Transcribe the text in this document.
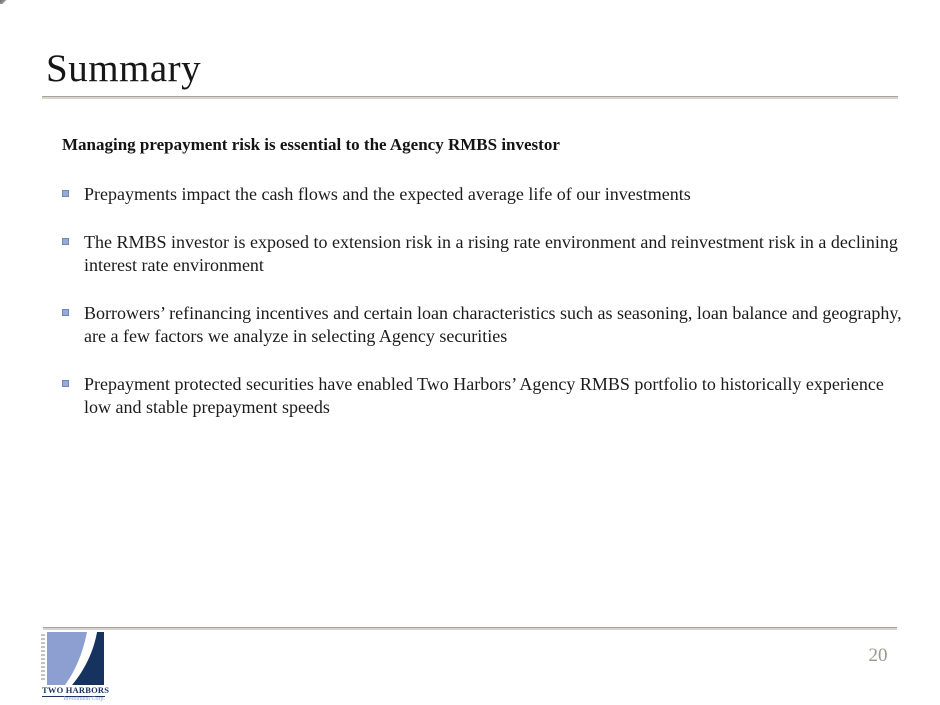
Summary

Managing prepayment risk is essential to the Agency RMBS investor

Prepayments impact the cash flows and the expected average life of our investments
The RMBS investor is exposed to extension risk in a rising rate environment and reinvestment risk in a declining interest rate environment
Borrowers’ refinancing incentives and certain loan characteristics such as seasoning, loan balance and geography, are a few factors we analyze in selecting Agency securities
Prepayment protected securities have enabled Two Harbors’ Agency RMBS portfolio to historically experience low and stable prepayment speeds
TWO HARBORS
Investment Corp.
20
